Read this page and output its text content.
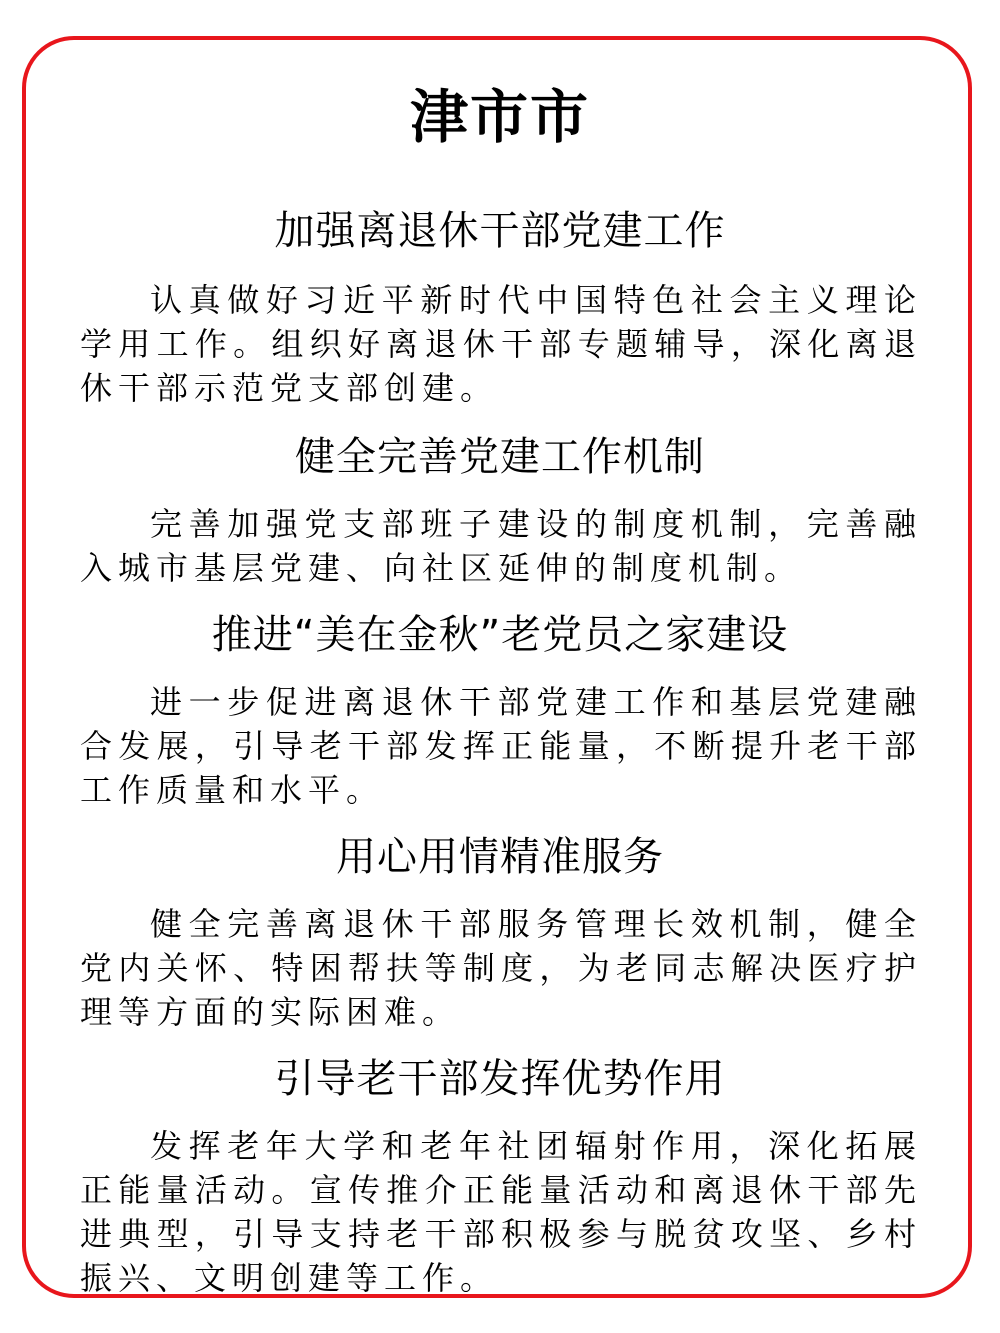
津市市
加强离退休干部党建工作
认真做好习近平新时代中国特色社会主义理论学用工作。组织好离退休干部专题辅导，深化离退休干部示范党支部创建。
健全完善党建工作机制
完善加强党支部班子建设的制度机制，完善融入城市基层党建、向社区延伸的制度机制。
推进“美在金秋”老党员之家建设
进一步促进离退休干部党建工作和基层党建融合发展，引导老干部发挥正能量，不断提升老干部工作质量和水平。
用心用情精准服务
健全完善离退休干部服务管理长效机制，健全党内关怀、特困帮扶等制度，为老同志解决医疗护理等方面的实际困难。
引导老干部发挥优势作用
发挥老年大学和老年社团辐射作用，深化拓展正能量活动。宣传推介正能量活动和离退休干部先进典型，引导支持老干部积极参与脱贫攻坚、乡村振兴、文明创建等工作。
